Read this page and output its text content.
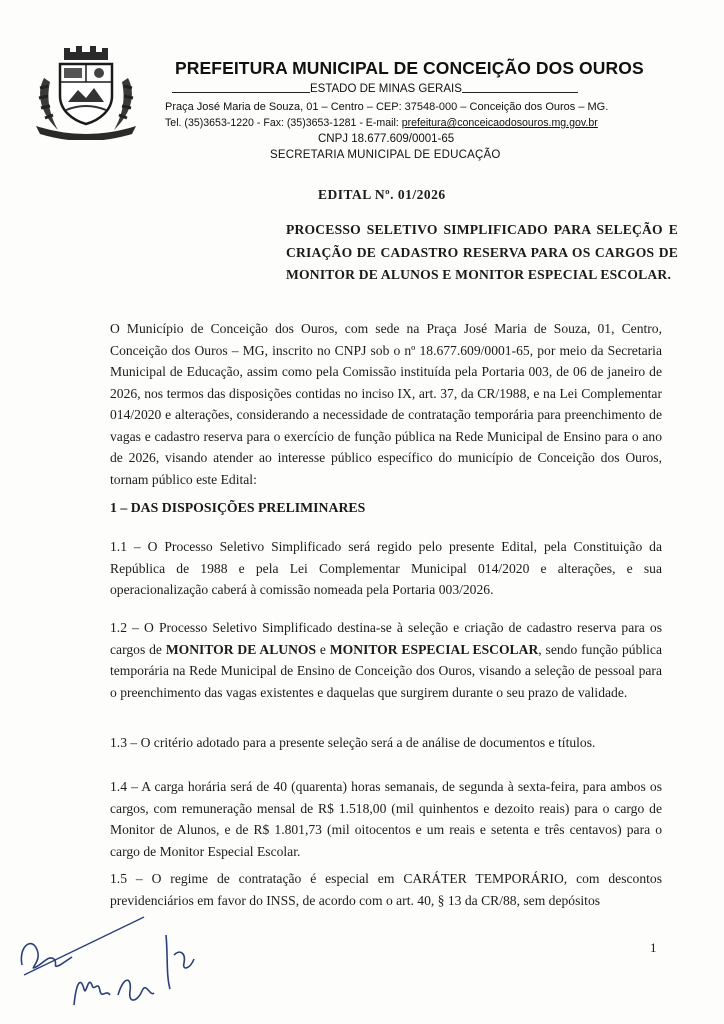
PREFEITURA MUNICIPAL DE CONCEIÇÃO DOS OUROS
ESTADO DE MINAS GERAIS
Praça José Maria de Souza, 01 – Centro – CEP: 37548-000 – Conceição dos Ouros – MG.
Tel. (35)3653-1220 - Fax: (35)3653-1281 - E-mail: prefeitura@conceicaodosouros.mg.gov.br
CNPJ 18.677.609/0001-65
SECRETARIA MUNICIPAL DE EDUCAÇÃO
EDITAL Nº. 01/2026
PROCESSO SELETIVO SIMPLIFICADO PARA SELEÇÃO E CRIAÇÃO DE CADASTRO RESERVA PARA OS CARGOS DE MONITOR DE ALUNOS E MONITOR ESPECIAL ESCOLAR.
O Município de Conceição dos Ouros, com sede na Praça José Maria de Souza, 01, Centro, Conceição dos Ouros – MG, inscrito no CNPJ sob o nº 18.677.609/0001-65, por meio da Secretaria Municipal de Educação, assim como pela Comissão instituída pela Portaria 003, de 06 de janeiro de 2026, nos termos das disposições contidas no inciso IX, art. 37, da CR/1988, e na Lei Complementar 014/2020 e alterações, considerando a necessidade de contratação temporária para preenchimento de vagas e cadastro reserva para o exercício de função pública na Rede Municipal de Ensino para o ano de 2026, visando atender ao interesse público específico do município de Conceição dos Ouros, tornam público este Edital:
1 – DAS DISPOSIÇÕES PRELIMINARES
1.1 – O Processo Seletivo Simplificado será regido pelo presente Edital, pela Constituição da República de 1988 e pela Lei Complementar Municipal 014/2020 e alterações, e sua operacionalização caberá à comissão nomeada pela Portaria 003/2026.
1.2 – O Processo Seletivo Simplificado destina-se à seleção e criação de cadastro reserva para os cargos de MONITOR DE ALUNOS e MONITOR ESPECIAL ESCOLAR, sendo função pública temporária na Rede Municipal de Ensino de Conceição dos Ouros, visando a seleção de pessoal para o preenchimento das vagas existentes e daquelas que surgirem durante o seu prazo de validade.
1.3 – O critério adotado para a presente seleção será a de análise de documentos e títulos.
1.4 – A carga horária será de 40 (quarenta) horas semanais, de segunda à sexta-feira, para ambos os cargos, com remuneração mensal de R$ 1.518,00 (mil quinhentos e dezoito reais) para o cargo de Monitor de Alunos, e de R$ 1.801,73 (mil oitocentos e um reais e setenta e três centavos) para o cargo de Monitor Especial Escolar.
1.5 – O regime de contratação é especial em CARÁTER TEMPORÁRIO, com descontos previdenciários em favor do INSS, de acordo com o art. 40, § 13 da CR/88, sem depósitos
1
